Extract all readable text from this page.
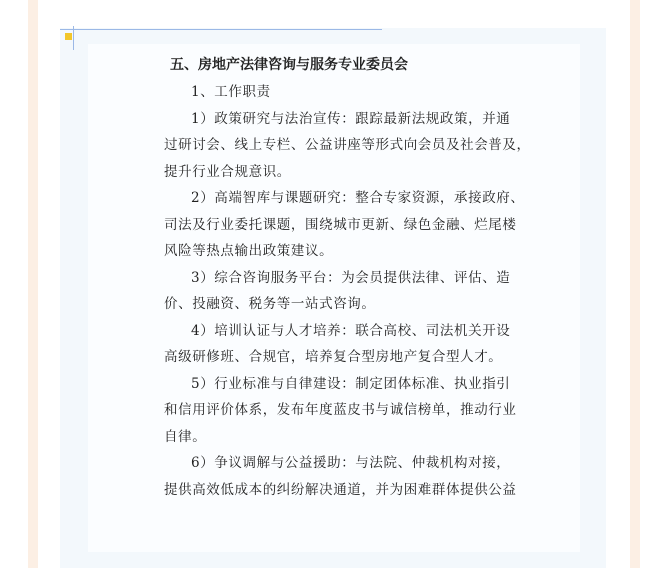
五、房地产法律咨询与服务专业委员会
1、工作职责
1）政策研究与法治宣传：跟踪最新法规政策，并通
过研讨会、线上专栏、公益讲座等形式向会员及社会普及，
提升行业合规意识。
2）高端智库与课题研究：整合专家资源，承接政府、
司法及行业委托课题，围绕城市更新、绿色金融、烂尾楼
风险等热点输出政策建议。
3）综合咨询服务平台：为会员提供法律、评估、造
价、投融资、税务等一站式咨询。
4）培训认证与人才培养：联合高校、司法机关开设
高级研修班、合规官，培养复合型房地产复合型人才。
5）行业标准与自律建设：制定团体标准、执业指引
和信用评价体系，发布年度蓝皮书与诚信榜单，推动行业
自律。
6）争议调解与公益援助：与法院、仲裁机构对接，
提供高效低成本的纠纷解决通道，并为困难群体提供公益
